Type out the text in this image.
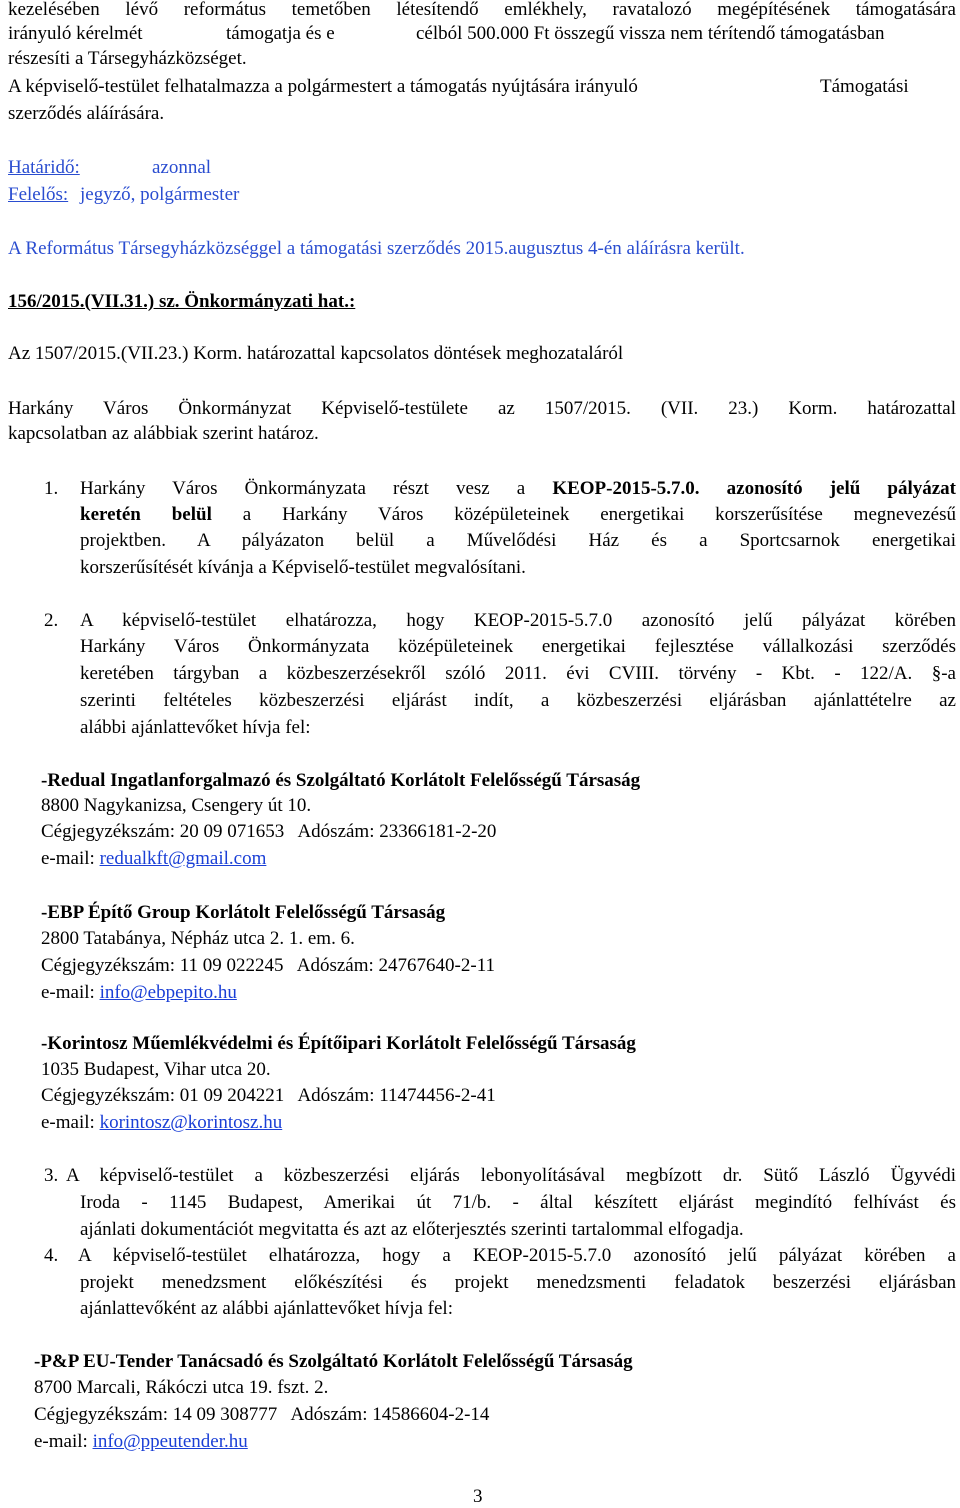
kezelésében lévő református temetőben létesítendő emlékhely, ravatalozó megépítésének támogatására
irányuló kérelmét	támogatja és e	célból 500.000 Ft összegű vissza nem térítendő támogatásban
részesíti a Társegyházközséget.
A képviselő-testület felhatalmazza a polgármestert a támogatás nyújtására irányuló	Támogatási
szerződés aláírására.
Határidő:	azonnal
Felelős: jegyző, polgármester
A Református Társegyházközséggel a támogatási szerződés 2015.augusztus 4-én aláírásra került.
156/2015.(VII.31.) sz. Önkormányzati hat.:
Az 1507/2015.(VII.23.) Korm. határozattal kapcsolatos döntések meghozataláról
Harkány Város Önkormányzat Képviselő-testülete az 1507/2015. (VII. 23.) Korm. határozattal
kapcsolatban az alábbiak szerint határoz.
1. Harkány Város Önkormányzata részt vesz a KEOP-2015-5.7.0. azonosító jelű pályázat
keretén belül a Harkány Város középületeinek energetikai korszerűsítése megnevezésű
projektben. A pályázaton belül a Művelődési Ház és a Sportcsarnok energetikai
korszerűsítését kívánja a Képviselő-testület megvalósítani.
2. A képviselő-testület elhatározza, hogy KEOP-2015-5.7.0 azonosító jelű pályázat körében
Harkány Város Önkormányzata középületeinek energetikai fejlesztése vállalkozási szerződés
keretében tárgyban a közbeszerzésekről szóló 2011. évi CVIII. törvény - Kbt. - 122/A. §-a
szerinti feltételes közbeszerzési eljárást indít, a közbeszerzési eljárásban ajánlattételre az
alábbi ajánlattevőket hívja fel:
-Redual Ingatlanforgalmazó és Szolgáltató Korlátolt Felelősségű Társaság
8800 Nagykanizsa, Csengery út 10.
Cégjegyzékszám: 20 09 071653   Adószám: 23366181-2-20
e-mail: redualkft@gmail.com
-EBP Építő Group Korlátolt Felelősségű Társaság
2800 Tatabánya, Népház utca 2. 1. em. 6.
Cégjegyzékszám: 11 09 022245   Adószám: 24767640-2-11
e-mail: info@ebpepito.hu
-Korintosz Műemlékvédelmi és Építőipari Korlátolt Felelősségű Társaság
1035 Budapest, Vihar utca 20.
Cégjegyzékszám: 01 09 204221   Adószám: 11474456-2-41
e-mail: korintosz@korintosz.hu
3. A képviselő-testület a közbeszerzési eljárás lebonyolításával megbízott dr. Sütő László Ügyvédi
Iroda - 1145 Budapest, Amerikai út 71/b. - által készített eljárást megindító felhívást és
ajánlati dokumentációt megvitatta és azt az előterjesztés szerinti tartalommal elfogadja.
4. A képviselő-testület elhatározza, hogy a KEOP-2015-5.7.0 azonosító jelű pályázat körében a
projekt menedzsment előkészítési és projekt menedzsmenti feladatok beszerzési eljárásban
ajánlattevőként az alábbi ajánlattevőket hívja fel:
-P&P EU-Tender Tanácsadó és Szolgáltató Korlátolt Felelősségű Társaság
8700 Marcali, Rákóczi utca 19. fszt. 2.
Cégjegyzékszám: 14 09 308777   Adószám: 14586604-2-14
e-mail: info@ppeutender.hu
3
